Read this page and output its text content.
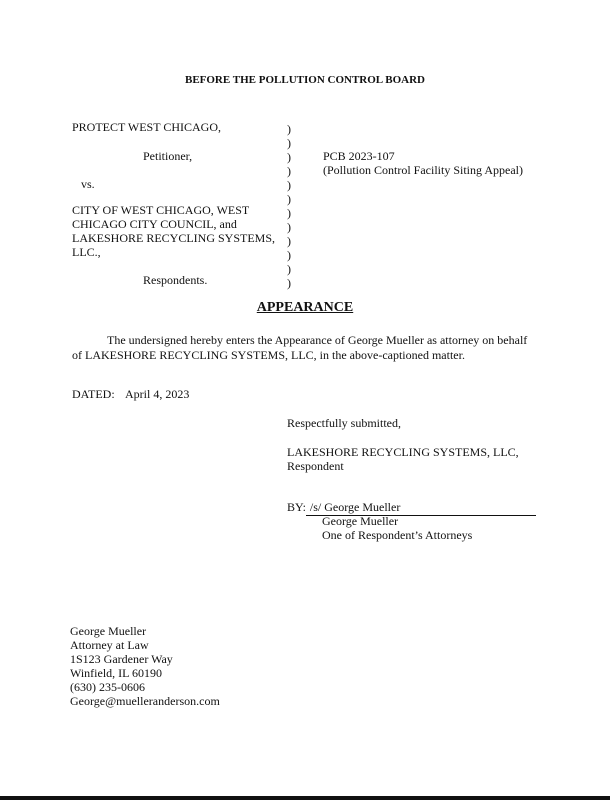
BEFORE THE POLLUTION CONTROL BOARD
PROTECT WEST CHICAGO,
Petitioner,
vs.
CITY OF WEST CHICAGO, WEST
CHICAGO CITY COUNCIL, and
LAKESHORE RECYCLING SYSTEMS,
LLC.,
Respondents.
)
)
)
)
)
)
)
)
)
)
)
)
PCB 2023-107
(Pollution Control Facility Siting Appeal)
APPEARANCE
The undersigned hereby enters the Appearance of George Mueller as attorney on behalf
of LAKESHORE RECYCLING SYSTEMS, LLC, in the above-captioned matter.
DATED: April 4, 2023
Respectfully submitted,
LAKESHORE RECYCLING SYSTEMS, LLC,
Respondent
BY: /s/ George Mueller
George Mueller
One of Respondent’s Attorneys
George Mueller
Attorney at Law
1S123 Gardener Way
Winfield, IL 60190
(630) 235-0606
George@muelleranderson.com
